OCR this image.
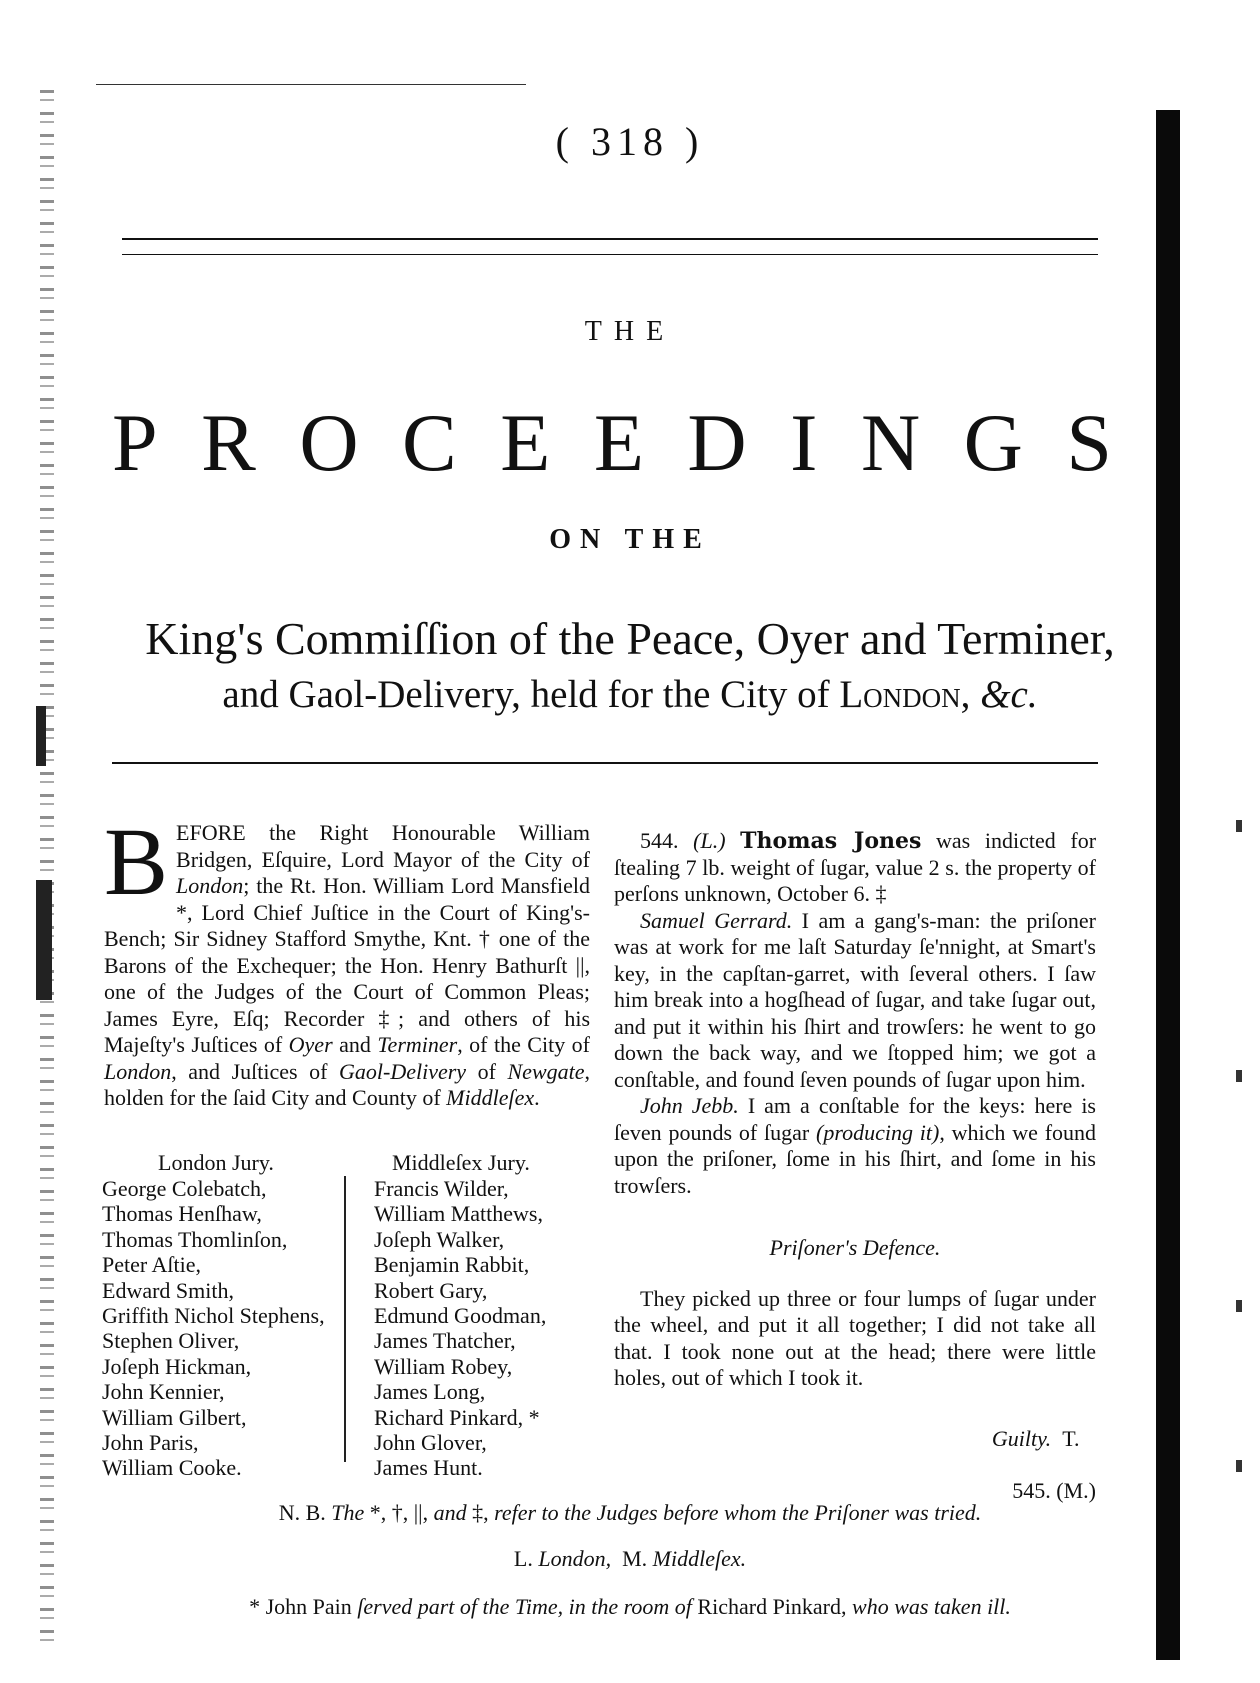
( 318 )
THE
P R O C E E D I N G S
ON THE
King's Commiſſion of the Peace, Oyer and Terminer,
and Gaol-Delivery, held for the City of London, &c.
BEFORE the Right Honourable William Bridgen, Eſquire, Lord Mayor of the City of London; the Rt. Hon. William Lord Mansfield *, Lord Chief Juſtice in the Court of King's-Bench; Sir Sidney Stafford Smythe, Knt. † one of the Barons of the Exchequer; the Hon. Henry Bathurſt ||, one of the Judges of the Court of Common Pleas; James Eyre, Eſq; Recorder ‡; and others of his Majeſty's Juſtices of Oyer and Terminer, of the City of London, and Juſtices of Gaol-Delivery of Newgate, holden for the ſaid City and County of Middleſex.
London Jury.	Middleſex Jury.
George Colebatch,
Thomas Henſhaw,
Thomas Thomlinſon,
Peter Aſtie,
Edward Smith,
Griffith Nichol Stephens,
Stephen Oliver,
Joſeph Hickman,
John Kennier,
William Gilbert,
John Paris,
William Cooke.
Francis Wilder,
William Matthews,
Joſeph Walker,
Benjamin Rabbit,
Robert Gary,
Edmund Goodman,
James Thatcher,
William Robey,
James Long,
Richard Pinkard, *
John Glover,
James Hunt.

544. (L.) Thomas Jones was indicted for ſtealing 7 lb. weight of ſugar, value 2 s. the property of perſons unknown, October 6. ‡

Samuel Gerrard. I am a gang's-man: the priſoner was at work for me laſt Saturday ſe'nnight, at Smart's key, in the capſtan-garret, with ſeveral others. I ſaw him break into a hogſhead of ſugar, and take ſugar out, and put it within his ſhirt and trowſers: he went to go down the back way, and we ſtopped him; we got a conſtable, and found ſeven pounds of ſugar upon him.

John Jebb. I am a conſtable for the keys: here is ſeven pounds of ſugar (producing it), which we found upon the priſoner, ſome in his ſhirt, and ſome in his trowſers.

Priſoner's Defence.

They picked up three or four lumps of ſugar under the wheel, and put it all together; I did not take all that. I took none out at the head; there were little holes, out of which I took it.

Guilty. T.

545. (M.)

N. B. The *, †, ||, and ‡, refer to the Judges before whom the Priſoner was tried.
L. London, M. Middleſex.
* John Pain ſerved part of the Time, in the room of Richard Pinkard, who was taken ill.
